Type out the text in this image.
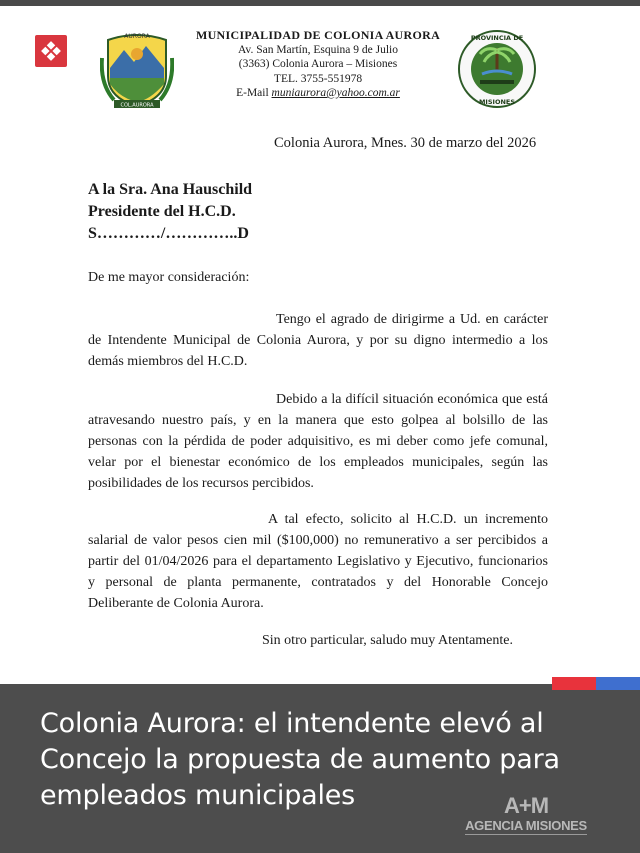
AURORA
COL.AURORA
MUNICIPALIDAD DE COLONIA AURORA
Av. San Martín, Esquina 9 de Julio
(3363) Colonia Aurora – Misiones
TEL. 3755-551978
E-Mail muniaurora@yahoo.com.ar
PROVINCIA DE
MISIONES
Colonia Aurora, Mnes. 30 de marzo del 2026
A la Sra. Ana Hauschild
Presidente del H.C.D.
S…………/…………..D
De me mayor consideración:
Tengo el agrado de dirigirme a Ud. en carácter de Intendente Municipal de Colonia Aurora, y por su digno intermedio a los demás miembros del H.C.D.
Debido a la difícil situación económica que está atravesando nuestro país, y en la manera que esto golpea al bolsillo de las personas con la pérdida de poder adquisitivo, es mi deber como jefe comunal, velar por el bienestar económico de los empleados municipales, según las posibilidades de los recursos percibidos.
A tal efecto, solicito al H.C.D. un incremento salarial de valor pesos cien mil ($100,000) no remunerativo a ser percibidos a partir del 01/04/2026 para el departamento Legislativo y Ejecutivo, funcionarios y personal de planta permanente, contratados y del Honorable Concejo Deliberante de Colonia Aurora.
Sin otro particular, saludo muy Atentamente.
Colonia Aurora: el intendente elevó al Concejo la propuesta de aumento para empleados municipales	A+M
AGENCIA MISIONES
